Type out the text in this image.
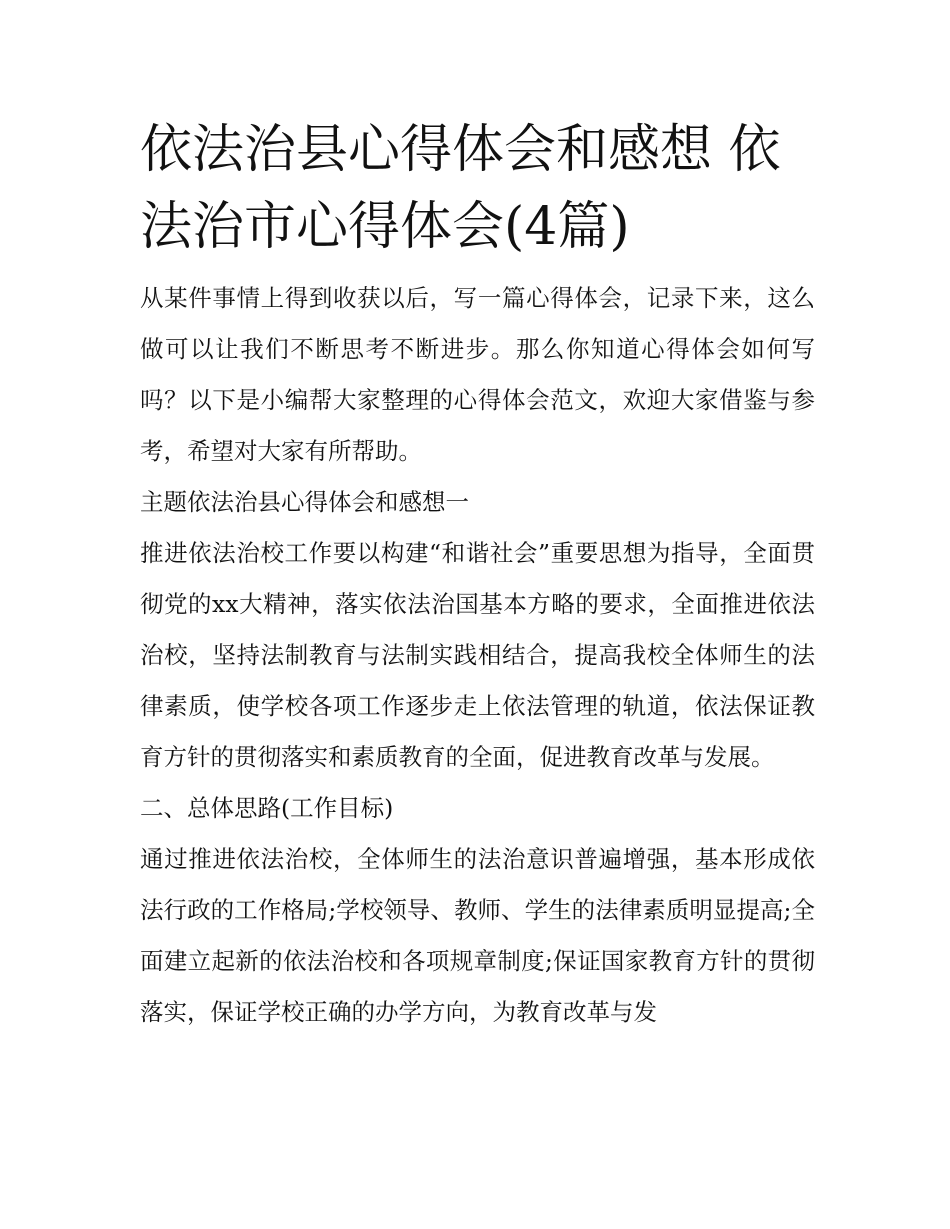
依法治县心得体会和感想 依法治市心得体会(4篇)

从某件事情上得到收获以后，写一篇心得体会，记录下来，这么做可以让我们不断思考不断进步。那么你知道心得体会如何写吗？以下是小编帮大家整理的心得体会范文，欢迎大家借鉴与参考，希望对大家有所帮助。

主题依法治县心得体会和感想一

推进依法治校工作要以构建“和谐社会”重要思想为指导，全面贯彻党的xx大精神，落实依法治国基本方略的要求，全面推进依法治校，坚持法制教育与法制实践相结合，提高我校全体师生的法律素质，使学校各项工作逐步走上依法管理的轨道，依法保证教育方针的贯彻落实和素质教育的全面，促进教育改革与发展。

二、总体思路(工作目标)

通过推进依法治校，全体师生的法治意识普遍增强，基本形成依法行政的工作格局;学校领导、教师、学生的法律素质明显提高;全面建立起新的依法治校和各项规章制度;保证国家教育方针的贯彻落实，保证学校正确的办学方向，为教育改革与发
